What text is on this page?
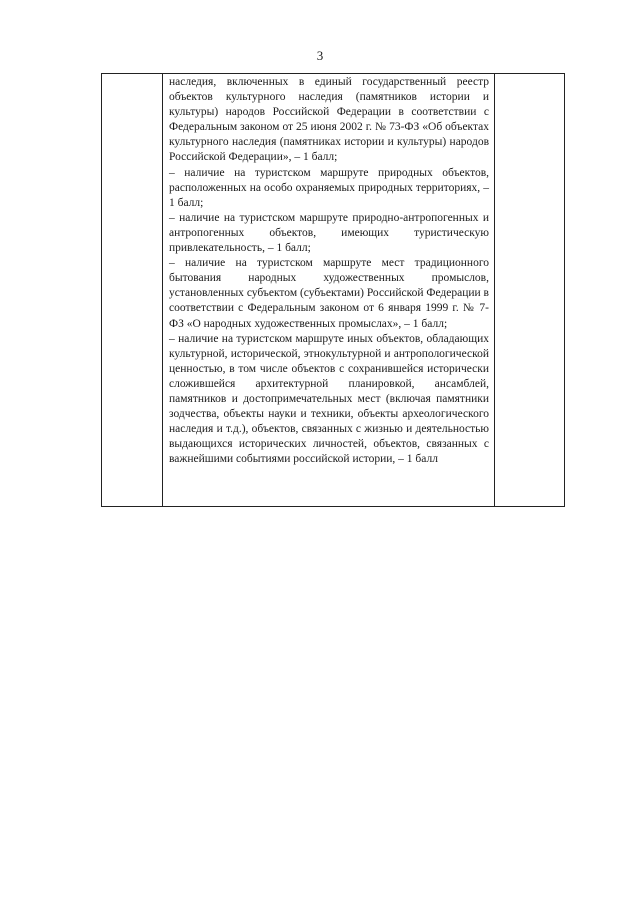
3

наследия, включенных в единый государственный реестр объектов культурного наследия (памятников истории и культуры) народов Российской Федерации в соответствии с Федеральным законом от 25 июня 2002 г. № 73-ФЗ «Об объектах культурного наследия (памятниках истории и культуры) народов Российской Федерации», – 1 балл;

– наличие на туристском маршруте природных объектов, расположенных на особо охраняемых природных территориях, – 1 балл;

– наличие на туристском маршруте природно-антропогенных и антропогенных объектов, имеющих туристическую привлекательность, – 1 балл;

– наличие на туристском маршруте мест традиционного бытования народных художественных промыслов, установленных субъектом (субъектами) Российской Федерации в соответствии с Федеральным законом от 6 января 1999 г. № 7-ФЗ «О народных художественных промыслах», – 1 балл;

– наличие на туристском маршруте иных объектов, обладающих культурной, исторической, этнокультурной и антропологической ценностью, в том числе объектов с сохранившейся исторически сложившейся архитектурной планировкой, ансамблей, памятников и достопримечательных мест (включая памятники зодчества, объекты науки и техники, объекты археологического наследия и т.д.), объектов, связанных с жизнью и деятельностью выдающихся исторических личностей, объектов, связанных с важнейшими событиями российской истории, – 1 балл
